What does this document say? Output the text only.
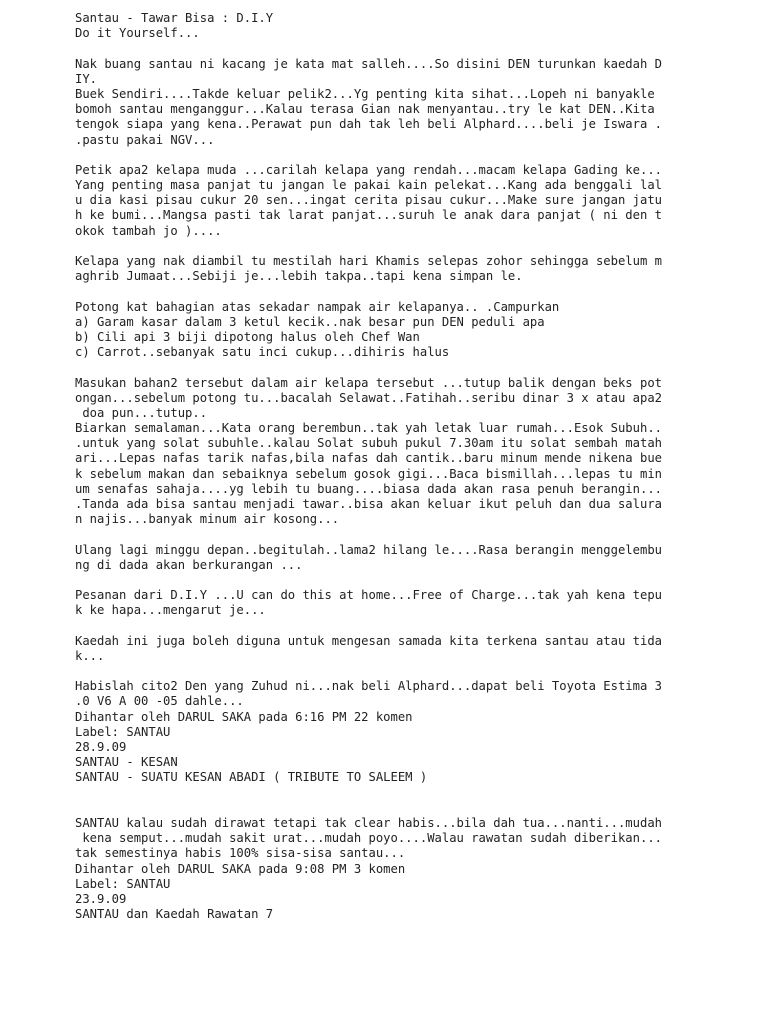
Santau - Tawar Bisa : D.I.Y
Do it Yourself...
Nak buang santau ni kacang je kata mat salleh....So disini DEN turunkan kaedah D
IY.
Buek Sendiri....Takde keluar pelik2...Yg penting kita sihat...Lopeh ni banyakle
bomoh santau menganggur...Kalau terasa Gian nak menyantau..try le kat DEN..Kita
tengok siapa yang kena..Perawat pun dah tak leh beli Alphard....beli je Iswara .
.pastu pakai NGV...
Petik apa2 kelapa muda ...carilah kelapa yang rendah...macam kelapa Gading ke...
Yang penting masa panjat tu jangan le pakai kain pelekat...Kang ada benggali lal
u dia kasi pisau cukur 20 sen...ingat cerita pisau cukur...Make sure jangan jatu
h ke bumi...Mangsa pasti tak larat panjat...suruh le anak dara panjat ( ni den t
okok tambah jo )....
Kelapa yang nak diambil tu mestilah hari Khamis selepas zohor sehingga sebelum m
aghrib Jumaat...Sebiji je...lebih takpa..tapi kena simpan le.
Potong kat bahagian atas sekadar nampak air kelapanya.. .Campurkan
a) Garam kasar dalam 3 ketul kecik..nak besar pun DEN peduli apa
b) Cili api 3 biji dipotong halus oleh Chef Wan
c) Carrot..sebanyak satu inci cukup...dihiris halus
Masukan bahan2 tersebut dalam air kelapa tersebut ...tutup balik dengan beks pot
ongan...sebelum potong tu...bacalah Selawat..Fatihah..seribu dinar 3 x atau apa2
doa pun...tutup..
Biarkan semalaman...Kata orang berembun..tak yah letak luar rumah...Esok Subuh..
.untuk yang solat subuhle..kalau Solat subuh pukul 7.30am itu solat sembah matah
ari...Lepas nafas tarik nafas,bila nafas dah cantik..baru minum mende nikena bue
k sebelum makan dan sebaiknya sebelum gosok gigi...Baca bismillah...lepas tu min
um senafas sahaja....yg lebih tu buang....biasa dada akan rasa penuh berangin...
.Tanda ada bisa santau menjadi tawar..bisa akan keluar ikut peluh dan dua salura
n najis...banyak minum air kosong...
Ulang lagi minggu depan..begitulah..lama2 hilang le....Rasa berangin menggelembu
ng di dada akan berkurangan ...
Pesanan dari D.I.Y ...U can do this at home...Free of Charge...tak yah kena tepu
k ke hapa...mengarut je...
Kaedah ini juga boleh diguna untuk mengesan samada kita terkena santau atau tida
k...
Habislah cito2 Den yang Zuhud ni...nak beli Alphard...dapat beli Toyota Estima 3
.0 V6 A 00 -05 dahle...
Dihantar oleh DARUL SAKA pada 6:16 PM 22 komen
Label: SANTAU
28.9.09
SANTAU - KESAN
SANTAU - SUATU KESAN ABADI ( TRIBUTE TO SALEEM )
SANTAU kalau sudah dirawat tetapi tak clear habis...bila dah tua...nanti...mudah
kena semput...mudah sakit urat...mudah poyo....Walau rawatan sudah diberikan...
tak semestinya habis 100% sisa-sisa santau...
Dihantar oleh DARUL SAKA pada 9:08 PM 3 komen
Label: SANTAU
23.9.09
SANTAU dan Kaedah Rawatan 7
